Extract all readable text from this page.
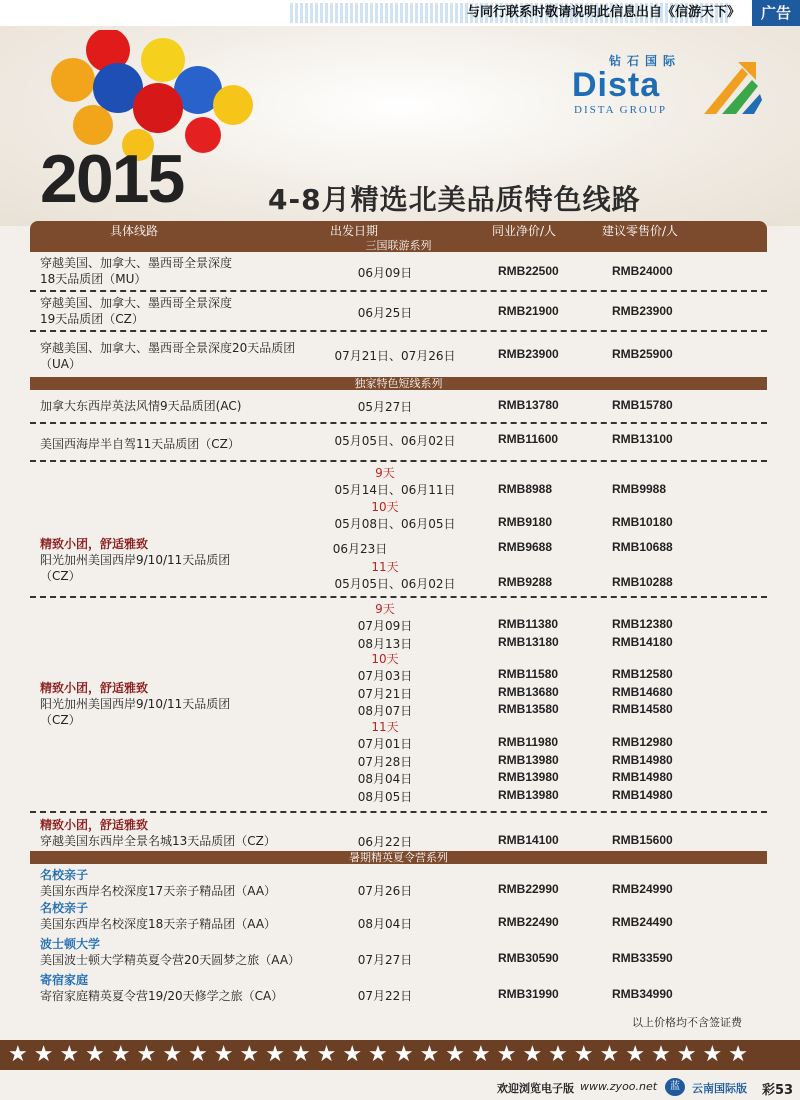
与同行联系时敬请说明此信息出自《信游天下》	广告
钻石国际
Dista
DISTA GROUP
2015	4-8月精选北美品质特色线路
具体线路	出发日期	同业净价/人	建议零售价/人
三国联游系列
穿越美国、加拿大、墨西哥全景深度
18天品质团（MU）	06月09日	RMB22500	RMB24000
穿越美国、加拿大、墨西哥全景深度
19天品质团（CZ）	06月25日	RMB21900	RMB23900
穿越美国、加拿大、墨西哥全景深度20天品质团
（UA）
07月21日、07月26日	RMB23900	RMB25900
独家特色短线系列
加拿大东西岸英法风情9天品质团(AC)	05月27日	RMB13780	RMB15780
美国西海岸半自驾11天品质团（CZ）	05月05日、06月02日	RMB11600	RMB13100
精致小团，舒适雅致
阳光加州美国西岸9/10/11天品质团
（CZ）
9天
05月14日、06月11日	RMB8988	RMB9988
10天
05月08日、06月05日	RMB9180	RMB10180
06月23日	RMB9688	RMB10688
11天
05月05日、06月02日	RMB9288	RMB10288
精致小团，舒适雅致
阳光加州美国西岸9/10/11天品质团
（CZ）
9天
07月09日	RMB11380	RMB12380
08月13日	RMB13180	RMB14180
10天
07月03日	RMB11580	RMB12580
07月21日	RMB13680	RMB14680
08月07日	RMB13580	RMB14580
11天
07月01日	RMB11980	RMB12980
07月28日	RMB13980	RMB14980
08月04日	RMB13980	RMB14980
08月05日	RMB13980	RMB14980
精致小团，舒适雅致
穿越美国东西岸全景名城13天品质团（CZ）	06月22日	RMB14100	RMB15600
暑期精英夏令营系列
名校亲子
美国东西岸名校深度17天亲子精品团（AA）	07月26日	RMB22990	RMB24990
名校亲子
美国东西岸名校深度18天亲子精品团（AA）	08月04日	RMB22490	RMB24490
波士顿大学
美国波士顿大学精英夏令营20天圆梦之旅（AA）	07月27日	RMB30590	RMB33590
寄宿家庭
寄宿家庭精英夏令营19/20天修学之旅（CA）	07月22日	RMB31990	RMB34990
以上价格均不含签证费
★★★★★★★★★★★★★★★★★★★★★★★★★★★★★
欢迎浏览电子版 www.zyoo.net	蓝	云南国际版 彩53
